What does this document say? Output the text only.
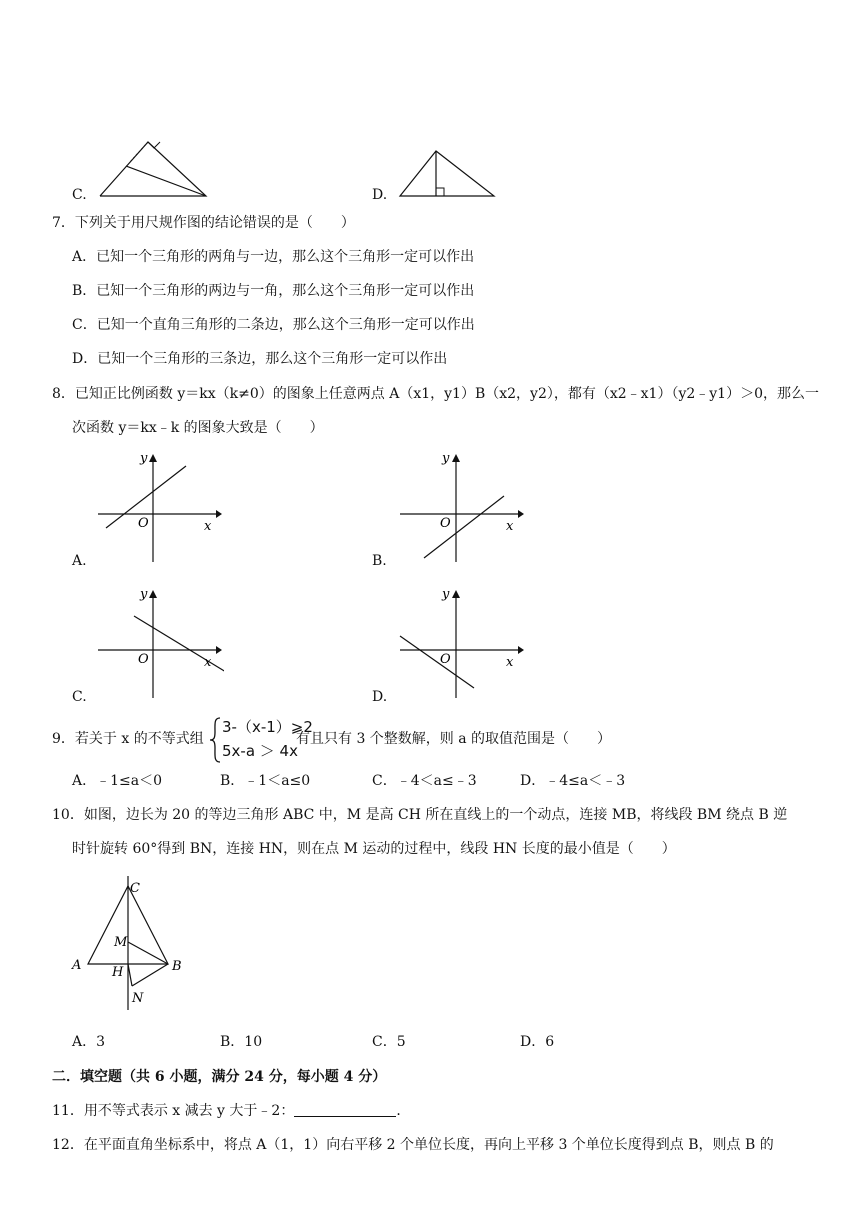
C.	D.
7．下列关于用尺规作图的结论错误的是（　　）
A．已知一个三角形的两角与一边，那么这个三角形一定可以作出
B．已知一个三角形的两边与一角，那么这个三角形一定可以作出
C．已知一个直角三角形的二条边，那么这个三角形一定可以作出
D．已知一个三角形的三条边，那么这个三角形一定可以作出
8．已知正比例函数 y＝kx（k≠0）的图象上任意两点 A（x1，y1）B（x2，y2），都有（x2﹣x1）（y2﹣y1）＞0，那么一
次函数 y＝kx﹣k 的图象大致是（　　）
y
O	x
A.
y
O	x
B.
y
O	x
C.
y
O	x
D.
9．若关于 x 的不等式组
3-（x-1）⩾2
5x-a ＞ 4x
有且只有 3 个整数解，则 a 的取值范围是（　　）
A．﹣1≤a＜0	B．﹣1＜a≤0	C．﹣4＜a≤﹣3	D．﹣4≤a＜﹣3
10．如图，边长为 20 的等边三角形 ABC 中，M 是高 CH 所在直线上的一个动点，连接 MB，将线段 BM 绕点 B 逆
时针旋转 60°得到 BN，连接 HN，则在点 M 运动的过程中，线段 HN 长度的最小值是（　　）
C
M
A H	B
N
A．3	B．10	C．5	D．6
二．填空题（共 6 小题，满分 24 分，每小题 4 分）
11．用不等式表示 x 减去 y 大于﹣2：	．
12．在平面直角坐标系中，将点 A（1，1）向右平移 2 个单位长度，再向上平移 3 个单位长度得到点 B，则点 B 的
